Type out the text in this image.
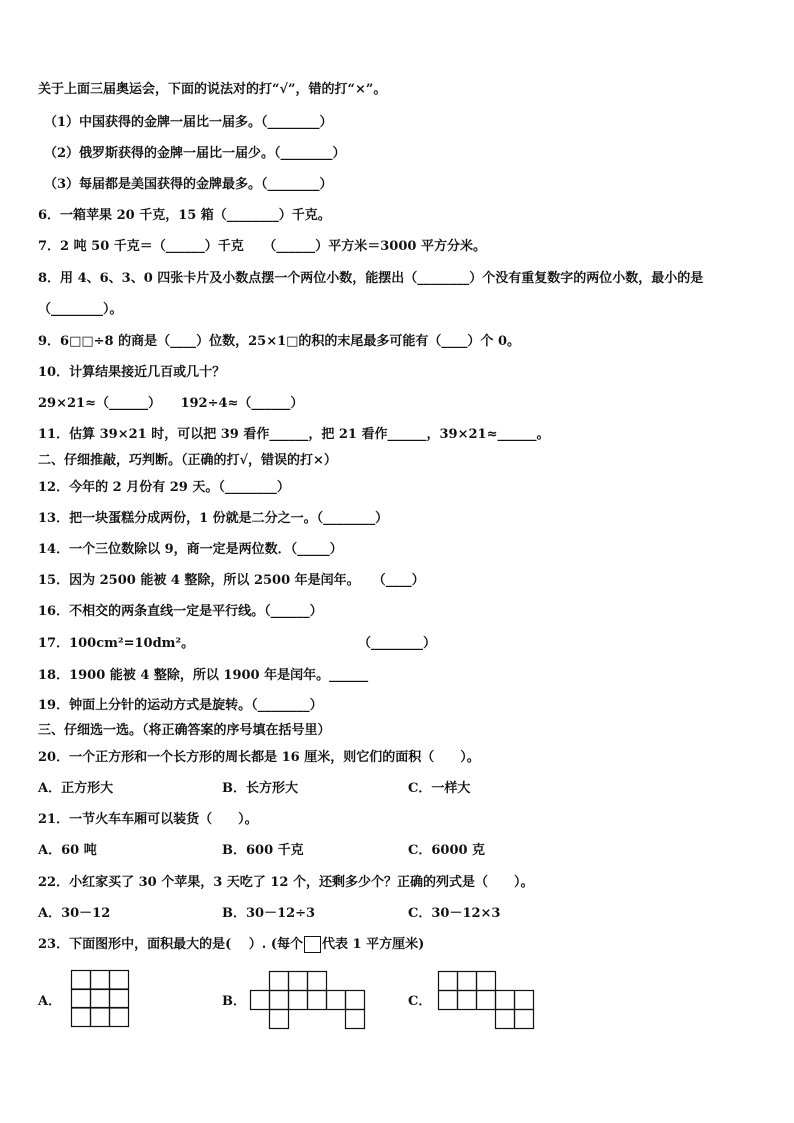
关于上面三届奥运会，下面的说法对的打“√”，错的打“×”。
（1）中国获得的金牌一届比一届多。（________）
（2）俄罗斯获得的金牌一届比一届少。（________）
（3）每届都是美国获得的金牌最多。（________）
6．一箱苹果 20 千克，15 箱（________）千克。
7．2 吨 50 千克＝（______）千克　　（______）平方米＝3000 平方分米。
8．用 4、6、3、0 四张卡片及小数点摆一个两位小数，能摆出（________）个没有重复数字的两位小数，最小的是
（________）。
9．6□□÷8 的商是（____）位数，25×1□的积的末尾最多可能有（____）个 0。
10．计算结果接近几百或几十？
29×21≈（______）　　192÷4≈（______）
11．估算 39×21 时，可以把 39 看作______，把 21 看作______，39×21≈______。
二、仔细推敲，巧判断。（正确的打√，错误的打×）
12．今年的 2 月份有 29 天。（________）
13．把一块蛋糕分成两份，1 份就是二分之一。（________）
14．一个三位数除以 9，商一定是两位数．（_____）
15．因为 2500 能被 4 整除，所以 2500 年是闰年。　　（____）
16．不相交的两条直线一定是平行线。（______）
17．100cm²=10dm²。	（________）
18．1900 能被 4 整除，所以 1900 年是闰年。______
19．钟面上分针的运动方式是旋转。（________）
三、仔细选一选。（将正确答案的序号填在括号里）
20．一个正方形和一个长方形的周长都是 16 厘米，则它们的面积（　　）。
A．正方形大	B．长方形大	C．一样大
21．一节火车车厢可以装货（　　）。
A．60 吨	B．600 千克	C．6000 克
22．小红家买了 30 个苹果，3 天吃了 12 个，还剩多少个？正确的列式是（　　）。
A．30－12	B．30－12÷3	C．30－12×3
23．下面图形中，面积最大的是(　 ）. (每个 代表 1 平方厘米)
A．	B．	C．
